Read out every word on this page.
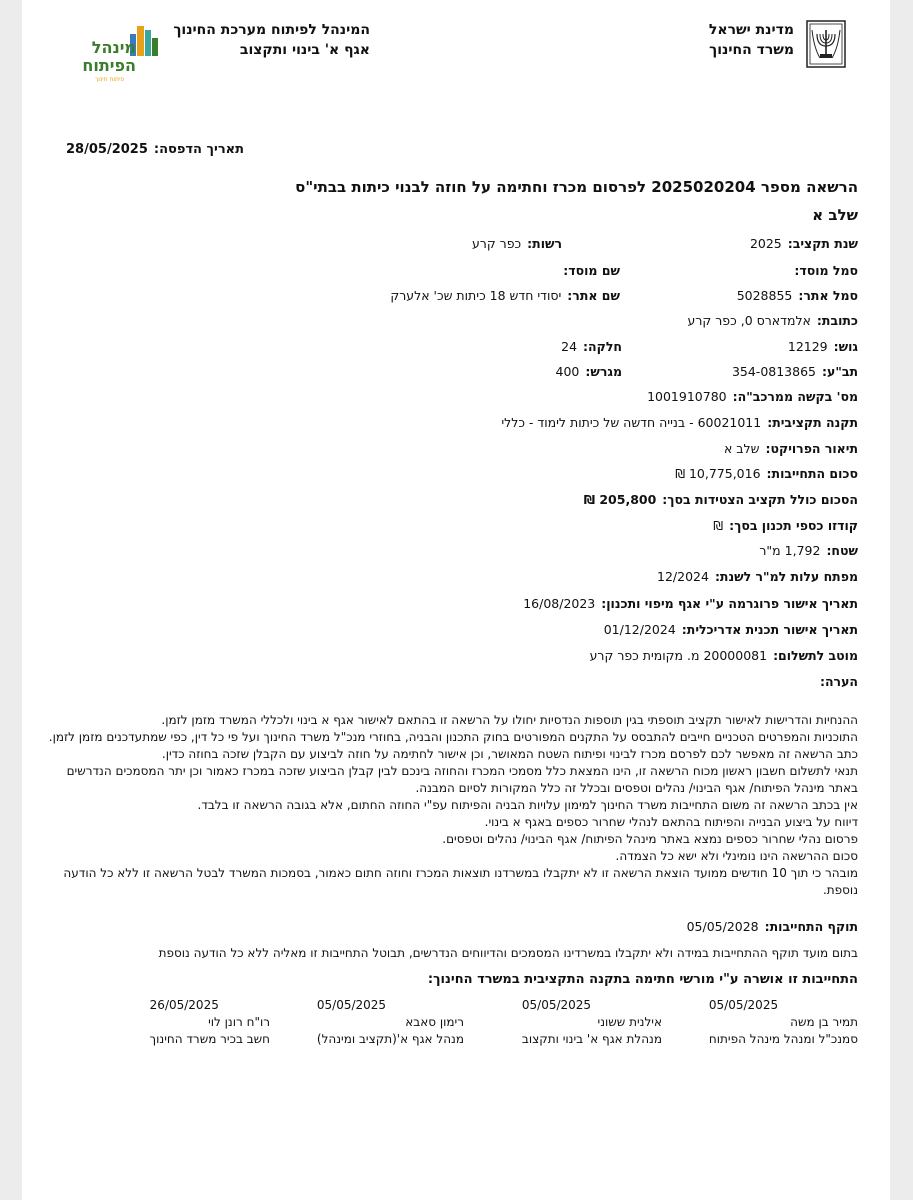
מדינת ישראל
משרד החינוך
המינהל לפיתוח מערכת החינוך
אגף א' בינוי ותקצוב
מינהל
הפיתוח
פיתוח חינוך
תאריך הדפסה:28/05/2025
הרשאה מספר 2025020204 לפרסום מכרז וחתימה על חוזה לבנוי כיתות בבתי"ס
שלב א
שנת תקציב:2025
רשות:כפר קרע
סמל מוסד:
שם מוסד:
סמל אתר:5028855
שם אתר:יסודי חדש 18 כיתות שכ' אלערק
כתובת:אלמדארס 0, כפר קרע
גוש:12129
חלקה:24
תב"ע:354-0813865
מגרש:400
מס' בקשה ממרכב"ה:1001910780
תקנה תקציבית:60021011 - בנייה חדשה של כיתות לימוד - כללי
תיאור הפרויקט:שלב א
סכום התחייבות:10,775,016 ₪
הסכום כולל תקציב הצטידות בסך:205,800 ₪
קודזו כספי תכנון בסך:₪
שטח:1,792 מ"ר
מפתח עלות למ"ר לשנת:12/2024
תאריך אישור פרוגרמה ע"י אגף מיפוי ותכנון:16/08/2023
תאריך אישור תכנית אדריכלית:01/12/2024
מוטב לתשלום:20000081 מ. מקומית כפר קרע
הערה:
ההנחיות והדרישות לאישור תקציב תוספתי בגין תוספות הנדסיות יחולו על הרשאה זו בהתאם לאישור אגף א בינוי ולכללי המשרד מזמן לזמן.
התוכניות והמפרטים הטכניים חייבים להתבסס על התקנים המפורטים בחוק התכנון והבניה, בחוזרי מנכ"ל משרד החינוך ועל פי כל דין, כפי שמתעדכנים מזמן לזמן.
כתב הרשאה זה מאפשר לכם לפרסם מכרז לבינוי ופיתוח השטח המאושר, וכן אישור לחתימה על חוזה לביצוע עם הקבלן שזכה בחוזה כדין.
תנאי לתשלום חשבון ראשון מכוח הרשאה זו, הינו המצאת כלל מסמכי המכרז והחוזה בינכם לבין קבלן הביצוע שזכה במכרז כאמור וכן יתר המסמכים הנדרשים באתר מינהל הפיתוח/ אגף הבינוי/ נהלים וטפסים ובכלל זה כלל המקורות לסיום המבנה.
אין בכתב הרשאה זה משום התחייבות משרד החינוך למימון עלויות הבניה והפיתוח עפ"י החוזה החתום, אלא בגובה הרשאה זו בלבד.
דיווח על ביצוע הבנייה והפיתוח בהתאם לנהלי שחרור כספים באגף א בינוי.
פרסום נהלי שחרור כספים נמצא באתר מינהל הפיתוח/ אגף הבינוי/ נהלים וטפסים.
סכום ההרשאה הינו נומינלי ולא ישא כל הצמדה.
מובהר כי תוך 10 חודשים ממועד הוצאת הרשאה זו לא יתקבלו במשרדנו תוצאות המכרז וחוזה חתום כאמור, בסמכות המשרד לבטל הרשאה זו ללא כל הודעה נוספת.
תוקף התחייבות:05/05/2028
בתום מועד תוקף ההתחייבות במידה ולא יתקבלו במשרדינו המסמכים והדיווחים הנדרשים, תבוטל התחייבות זו מאליה ללא כל הודעה נוספת
התחייבות זו אושרה ע"י מורשי חתימה בתקנה התקציבית במשרד החינוך:
05/05/2025
תמיר בן משה
סמנכ"ל ומנהל מינהל הפיתוח
05/05/2025
אילנית ששוני
מנהלת אגף א' בינוי ותקצוב
05/05/2025
רימון סאבא
מנהל אגף א'(תקציב ומינהל)
26/05/2025
רו"ח רונן לוי
חשב בכיר משרד החינוך
